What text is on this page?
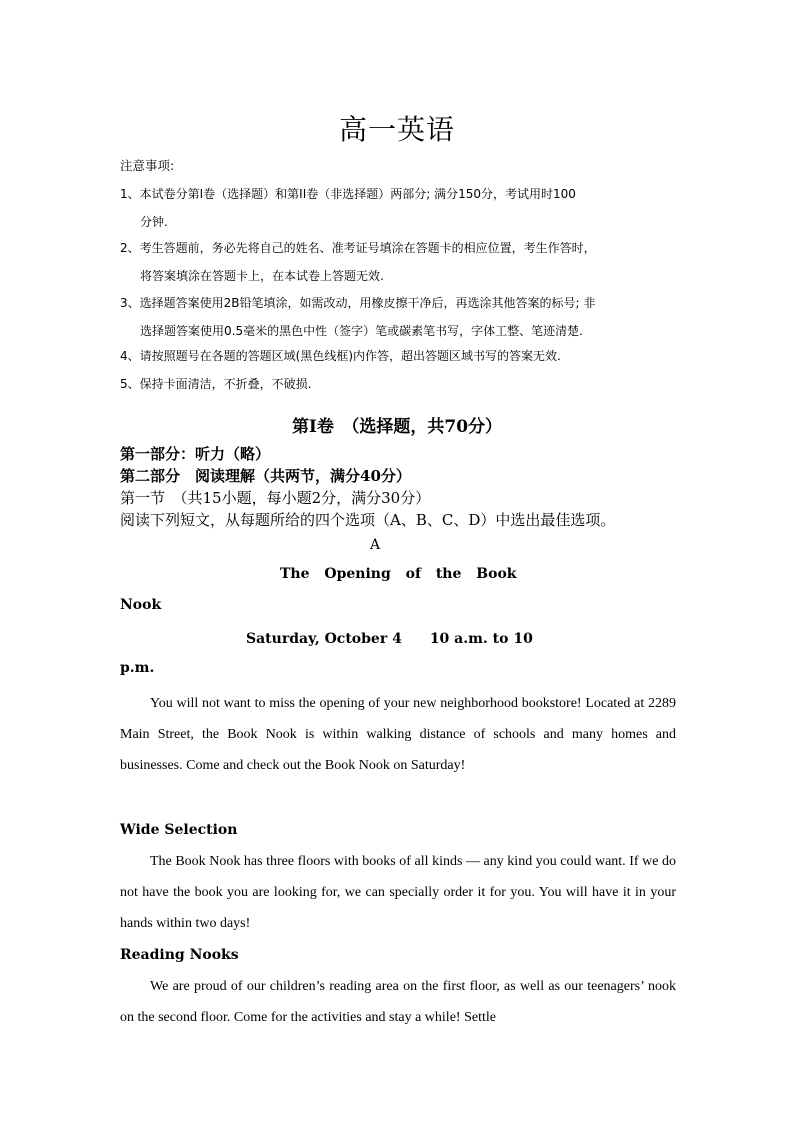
高一英语
注意事项:
1、本试卷分第Ⅰ卷（选择题）和第II卷（非选择题）两部分; 满分150分，考试用时100
分钟.
2、考生答题前，务必先将自己的姓名、准考证号填涂在答题卡的相应位置，考生作答时，
将答案填涂在答题卡上，在本试卷上答题无效.
3、选择题答案使用2B铅笔填涂，如需改动，用橡皮擦干净后，再选涂其他答案的标号; 非
选择题答案使用0.5毫米的黑色中性（签字）笔或碳素笔书写，字体工整、笔迹清楚.
4、请按照题号在各题的答题区域(黑色线框)内作答，超出答题区域书写的答案无效.
5、保持卡面清洁，不折叠，不破损.
第Ⅰ卷　（选择题，共70分）
第一部分：听力（略）
第二部分　阅读理解（共两节，满分40分）
第一节　（共15小题，每小题2分，满分30分）
阅读下列短文，从每题所给的四个选项（A、B、C、D）中选出最佳选项。
A
The Opening of the Book
Nook
Saturday, October 4　　10 a.m. to 10
p.m.
You will not want to miss the opening of your new neighborhood bookstore! Located at 2289 Main Street, the Book Nook is within walking distance of schools and many homes and businesses. Come and check out the Book Nook on Saturday!
Wide Selection
The Book Nook has three floors with books of all kinds — any kind you could want. If we do not have the book you are looking for, we can specially order it for you. You will have it in your hands within two days!
Reading Nooks
We are proud of our children’s reading area on the first floor, as well as our teenagers’ nook on the second floor. Come for the activities and stay a while! Settle
